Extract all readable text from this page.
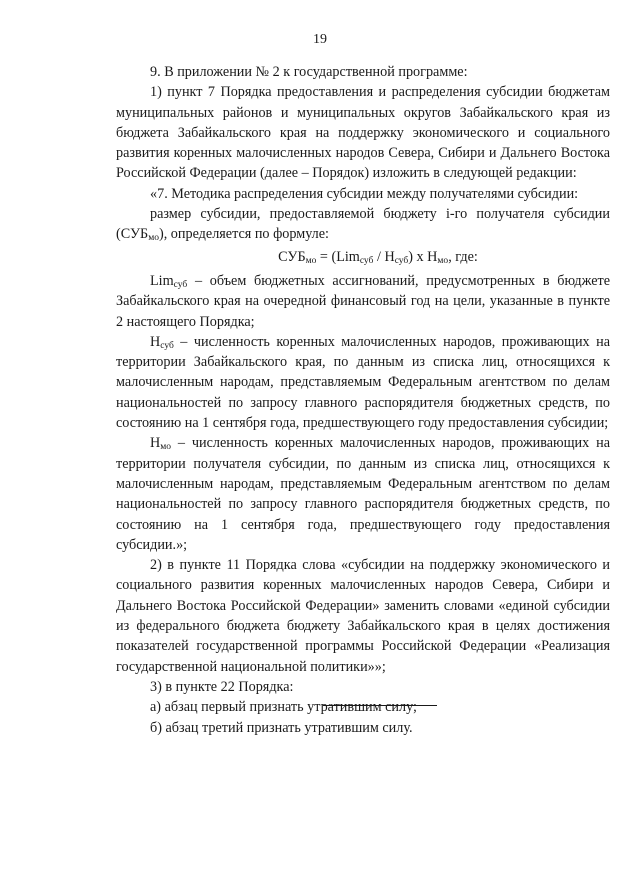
19

9. В приложении № 2 к государственной программе:

1) пункт 7 Порядка предоставления и распределения субсидии бюджетам муниципальных районов и муниципальных округов Забайкальского края из бюджета Забайкальского края на поддержку экономического и социального развития коренных малочисленных народов Севера, Сибири и Дальнего Востока Российской Федерации (далее – Порядок) изложить в следующей редакции:

«7. Методика распределения субсидии между получателями субсидии:

размер субсидии, предоставляемой бюджету i-го получателя субсидии $(СУБ_{мо})$, определяется по формуле:

$СУБ_{мо} = (Lim_{суб} / Н_{суб})$ х $Н_{мо}$, где:

Lim$_{суб}$ – объем бюджетных ассигнований, предусмотренных в бюджете Забайкальского края на очередной финансовый год на цели, указанные в пункте 2 настоящего Порядка;

$Н_{суб}$ – численность коренных малочисленных народов, проживающих на территории Забайкальского края, по данным из списка лиц, относящихся к малочисленным народам, представляемым Федеральным агентством по делам национальностей по запросу главного распорядителя бюджетных средств, по состоянию на 1 сентября года, предшествующего году предоставления субсидии;

$Н_{мо}$ – численность коренных малочисленных народов, проживающих на территории получателя субсидии, по данным из списка лиц, относящихся к малочисленным народам, представляемым Федеральным агентством по делам национальностей по запросу главного распорядителя бюджетных средств, по состоянию на 1 сентября года, предшествующего году предоставления субсидии.»;

2) в пункте 11 Порядка слова «субсидии на поддержку экономического и социального развития коренных малочисленных народов Севера, Сибири и Дальнего Востока Российской Федерации» заменить словами «единой субсидии из федерального бюджета бюджету Забайкальского края в целях достижения показателей государственной программы Российской Федерации «Реализация государственной национальной политики»»;

3) в пункте 22 Порядка:

а) абзац первый признать утратившим силу;

б) абзац третий признать утратившим силу.
